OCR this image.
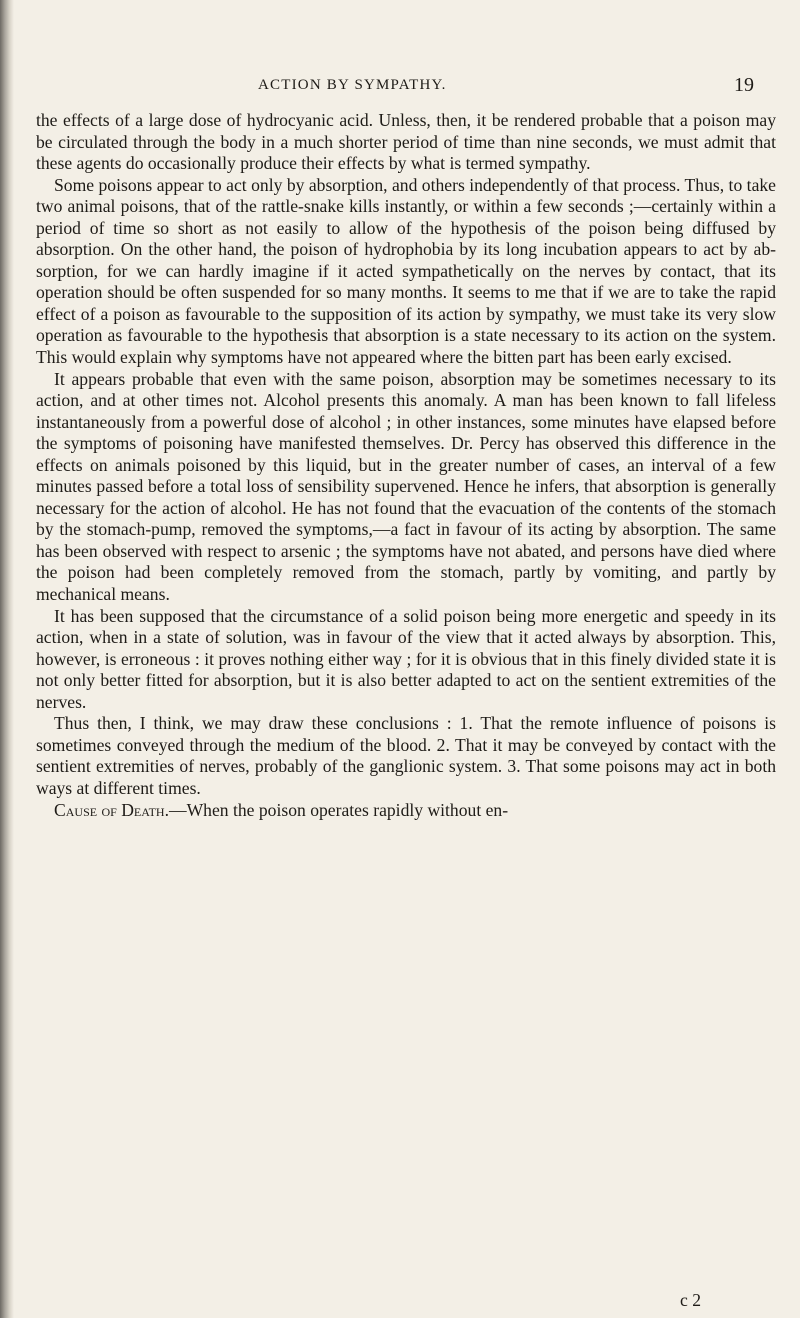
ACTION BY SYMPATHY.	19

the effects of a large dose of hydrocyanic acid. Unless, then, it be rendered probable that a poison may be circulated through the body in a much shorter period of time than nine seconds, we must admit that these agents do occasionally produce their effects by what is termed sympathy.

Some poisons appear to act only by absorption, and others independently of that process. Thus, to take two animal poisons, that of the rattle-snake kills instantly, or within a few seconds ;—certainly within a period of time so short as not easily to allow of the hypothesis of the poison being diffused by absorption. On the other hand, the poison of hydrophobia by its long incubation appears to act by absorption, for we can hardly imagine if it acted sympathetically on the nerves by contact, that its operation should be often suspended for so many months. It seems to me that if we are to take the rapid effect of a poison as favourable to the supposition of its action by sympathy, we must take its very slow operation as favourable to the hypothesis that absorption is a state necessary to its action on the system. This would explain why symptoms have not appeared where the bitten part has been early excised.

It appears probable that even with the same poison, absorption may be sometimes necessary to its action, and at other times not. Alcohol presents this anomaly. A man has been known to fall lifeless instantaneously from a powerful dose of alcohol ; in other instances, some minutes have elapsed before the symptoms of poisoning have manifested themselves. Dr. Percy has observed this difference in the effects on animals poisoned by this liquid, but in the greater number of cases, an interval of a few minutes passed before a total loss of sensibility supervened. Hence he infers, that absorption is generally necessary for the action of alcohol. He has not found that the evacuation of the contents of the stomach by the stomach-pump, removed the symptoms,—a fact in favour of its acting by absorption. The same has been observed with respect to arsenic ; the symptoms have not abated, and persons have died where the poison had been completely removed from the stomach, partly by vomiting, and partly by mechanical means.

It has been supposed that the circumstance of a solid poison being more energetic and speedy in its action, when in a state of solution, was in favour of the view that it acted always by absorption. This, however, is erroneous : it proves nothing either way ; for it is obvious that in this finely divided state it is not only better fitted for absorption, but it is also better adapted to act on the sentient extremities of the nerves.

Thus then, I think, we may draw these conclusions : 1. That the remote influence of poisons is sometimes conveyed through the medium of the blood. 2. That it may be conveyed by contact with the sentient extremities of nerves, probably of the ganglionic system. 3. That some poisons may act in both ways at different times.

Cause of Death.—When the poison operates rapidly without en-

c 2
